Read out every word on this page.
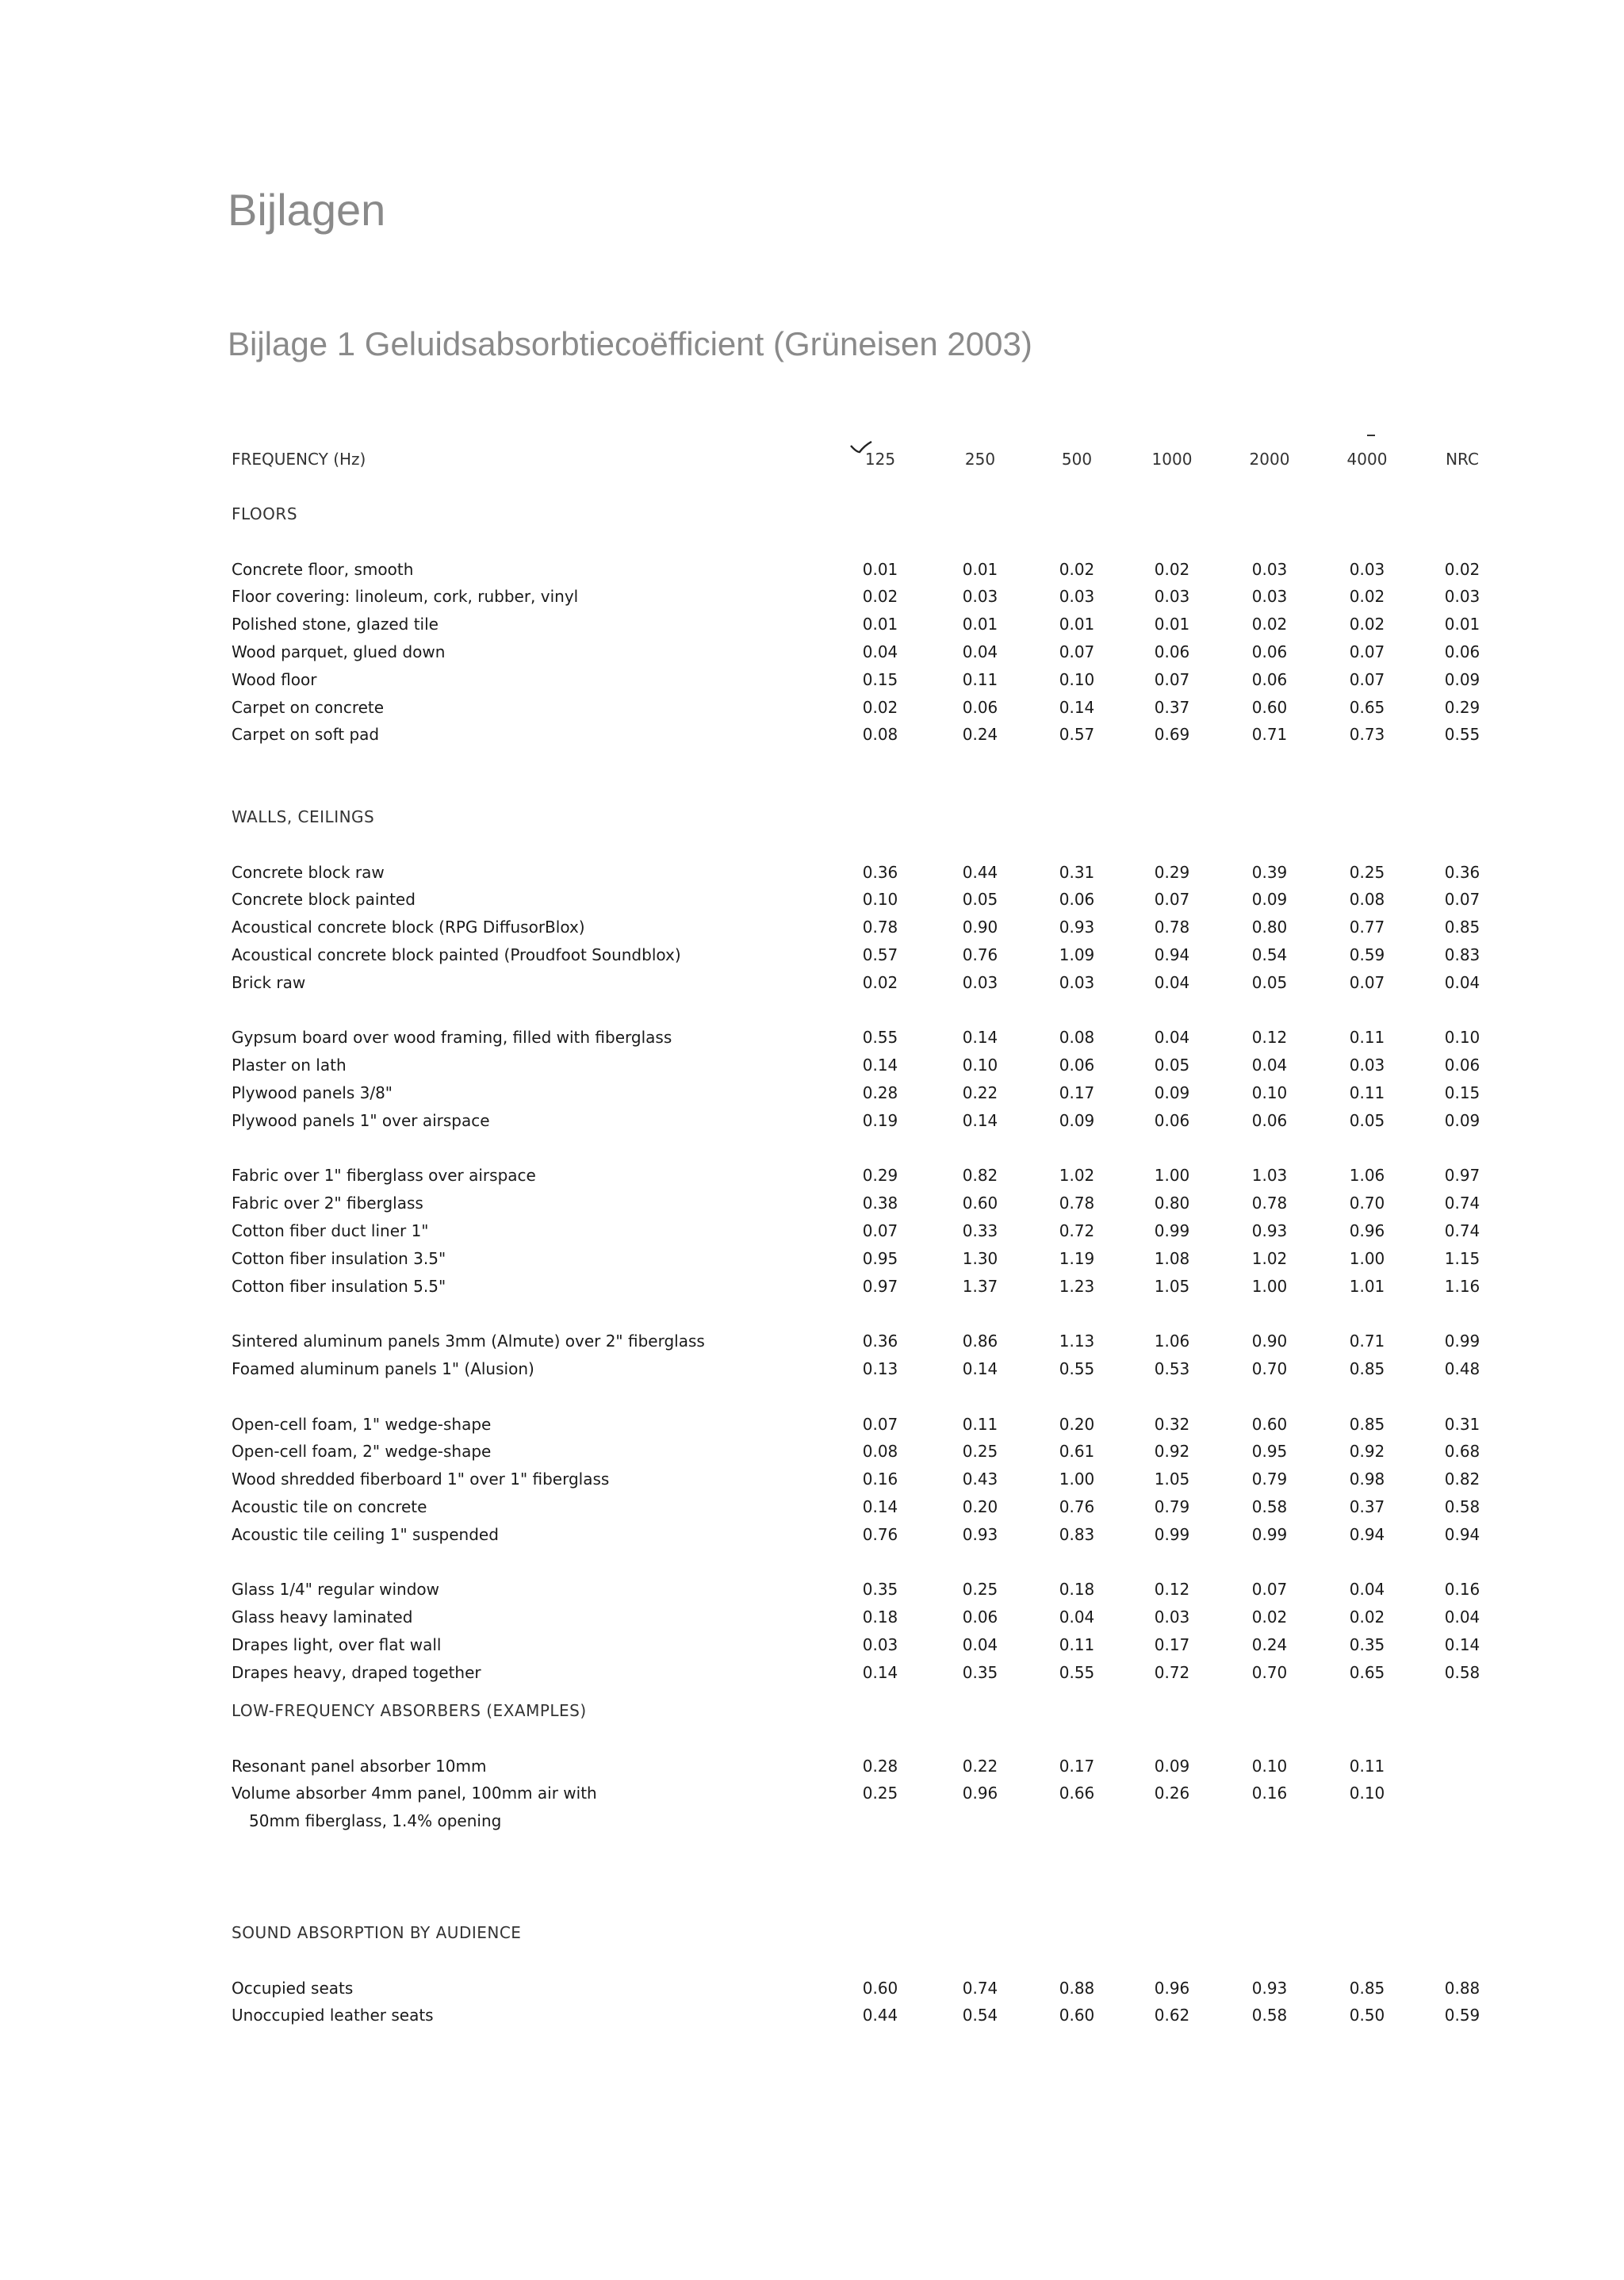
Bijlagen
Bijlage 1 Geluidsabsorbtiecoëfficient (Grüneisen 2003)
FREQUENCY (Hz)	125	250	500	1000	2000	4000	NRC
FLOORS
Concrete floor, smooth	0.01	0.01	0.02	0.02	0.03	0.03	0.02
Floor covering: linoleum, cork, rubber, vinyl	0.02	0.03	0.03	0.03	0.03	0.02	0.03
Polished stone, glazed tile	0.01	0.01	0.01	0.01	0.02	0.02	0.01
Wood parquet, glued down	0.04	0.04	0.07	0.06	0.06	0.07	0.06
Wood floor	0.15	0.11	0.10	0.07	0.06	0.07	0.09
Carpet on concrete	0.02	0.06	0.14	0.37	0.60	0.65	0.29
Carpet on soft pad	0.08	0.24	0.57	0.69	0.71	0.73	0.55
WALLS, CEILINGS
Concrete block raw	0.36	0.44	0.31	0.29	0.39	0.25	0.36
Concrete block painted	0.10	0.05	0.06	0.07	0.09	0.08	0.07
Acoustical concrete block (RPG DiffusorBlox)	0.78	0.90	0.93	0.78	0.80	0.77	0.85
Acoustical concrete block painted (Proudfoot Soundblox)	0.57	0.76	1.09	0.94	0.54	0.59	0.83
Brick raw	0.02	0.03	0.03	0.04	0.05	0.07	0.04
Gypsum board over wood framing, filled with fiberglass	0.55	0.14	0.08	0.04	0.12	0.11	0.10
Plaster on lath	0.14	0.10	0.06	0.05	0.04	0.03	0.06
Plywood panels 3/8"	0.28	0.22	0.17	0.09	0.10	0.11	0.15
Plywood panels 1" over airspace	0.19	0.14	0.09	0.06	0.06	0.05	0.09
Fabric over 1" fiberglass over airspace	0.29	0.82	1.02	1.00	1.03	1.06	0.97
Fabric over 2" fiberglass	0.38	0.60	0.78	0.80	0.78	0.70	0.74
Cotton fiber duct liner 1"	0.07	0.33	0.72	0.99	0.93	0.96	0.74
Cotton fiber insulation 3.5"	0.95	1.30	1.19	1.08	1.02	1.00	1.15
Cotton fiber insulation 5.5"	0.97	1.37	1.23	1.05	1.00	1.01	1.16
Sintered aluminum panels 3mm (Almute) over 2" fiberglass	0.36	0.86	1.13	1.06	0.90	0.71	0.99
Foamed aluminum panels 1" (Alusion)	0.13	0.14	0.55	0.53	0.70	0.85	0.48
Open-cell foam, 1" wedge-shape	0.07	0.11	0.20	0.32	0.60	0.85	0.31
Open-cell foam, 2" wedge-shape	0.08	0.25	0.61	0.92	0.95	0.92	0.68
Wood shredded fiberboard 1" over 1" fiberglass	0.16	0.43	1.00	1.05	0.79	0.98	0.82
Acoustic tile on concrete	0.14	0.20	0.76	0.79	0.58	0.37	0.58
Acoustic tile ceiling 1" suspended	0.76	0.93	0.83	0.99	0.99	0.94	0.94
Glass 1/4" regular window	0.35	0.25	0.18	0.12	0.07	0.04	0.16
Glass heavy laminated	0.18	0.06	0.04	0.03	0.02	0.02	0.04
Drapes light, over flat wall	0.03	0.04	0.11	0.17	0.24	0.35	0.14
Drapes heavy, draped together	0.14	0.35	0.55	0.72	0.70	0.65	0.58
LOW-FREQUENCY ABSORBERS (EXAMPLES)
Resonant panel absorber 10mm	0.28	0.22	0.17	0.09	0.10	0.11
Volume absorber 4mm panel, 100mm air with	0.25	0.96	0.66	0.26	0.16	0.10
50mm fiberglass, 1.4% opening
SOUND ABSORPTION BY AUDIENCE
Occupied seats	0.60	0.74	0.88	0.96	0.93	0.85	0.88
Unoccupied leather seats	0.44	0.54	0.60	0.62	0.58	0.50	0.59
